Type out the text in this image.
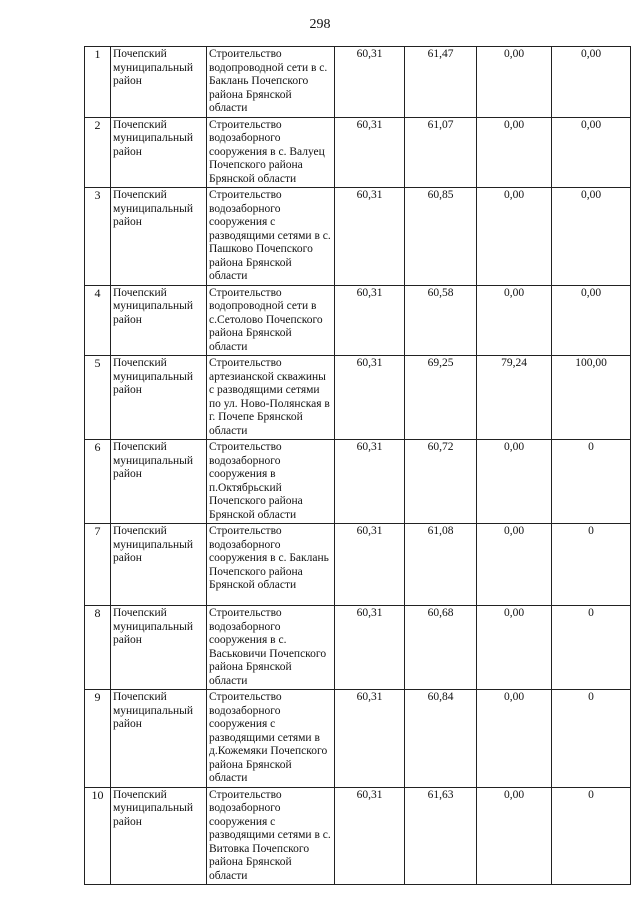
298
1	Почепский муниципальный район	Строительство водопроводной сети в с. Баклань Почепского района Брянской области	60,31	61,47	0,00	0,00
2	Почепский муниципальный район	Строительство водозаборного сооружения в с. Валуец Почепского района Брянской области	60,31	61,07	0,00	0,00
3	Почепский муниципальный район	Строительство водозаборного сооружения с разводящими сетями в с. Пашково Почепского района Брянской области	60,31	60,85	0,00	0,00
4	Почепский муниципальный район	Строительство водопроводной сети в с.Сетолово Почепского района Брянской области	60,31	60,58	0,00	0,00
5	Почепский муниципальный район	Строительство артезианской скважины с разводящими сетями по ул. Ново-Полянская в г. Почепе Брянской области	60,31	69,25	79,24	100,00
6	Почепский муниципальный район	Строительство водозаборного сооружения в п.Октябрьский Почепского района Брянской области	60,31	60,72	0,00	0
7	Почепский муниципальный район	Строительство водозаборного сооружения в с. Баклань Почепского района Брянской области	60,31	61,08	0,00	0
8	Почепский муниципальный район	Строительство водозаборного сооружения в с. Васьковичи Почепского района Брянской области	60,31	60,68	0,00	0
9	Почепский муниципальный район	Строительство водозаборного сооружения с разводящими сетями в д.Кожемяки Почепского района Брянской области	60,31	60,84	0,00	0
10	Почепский муниципальный район	Строительство водозаборного сооружения с разводящими сетями в с. Витовка Почепского района Брянской области	60,31	61,63	0,00	0
